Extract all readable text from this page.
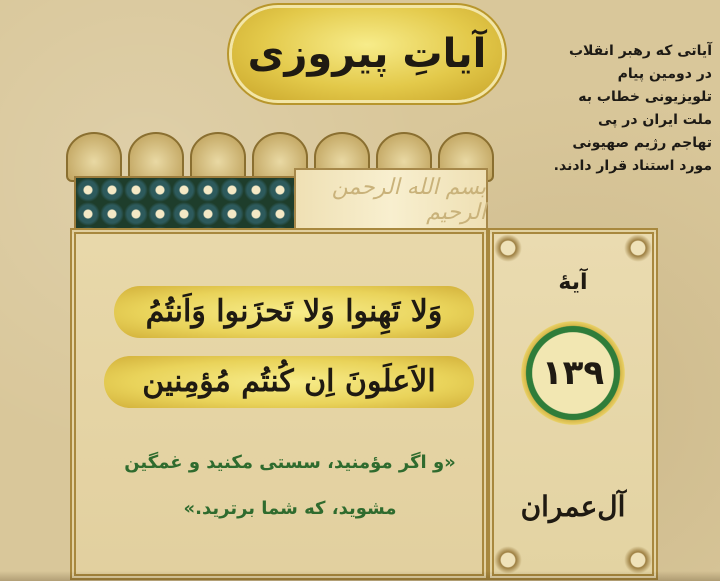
آیاتِ پیروزی	آیاتی که رهبر انقلاب
در دومین پیام
تلویزیونی خطاب به
ملت ایران در پی
تهاجم رژیم صهیونی
مورد استناد قرار دادند.
بسم الله الرحمن الرحیم
وَلا تَهِنوا وَلا تَحزَنوا وَاَنتُمُ
الاَعلَونَ اِن كُنتُم مُؤمِنين
«و اگر مؤمنید، سستی مکنید و غمگین
مشوید، که شما برترید.»
آیهٔ
۱۳۹
آل‌عمران
